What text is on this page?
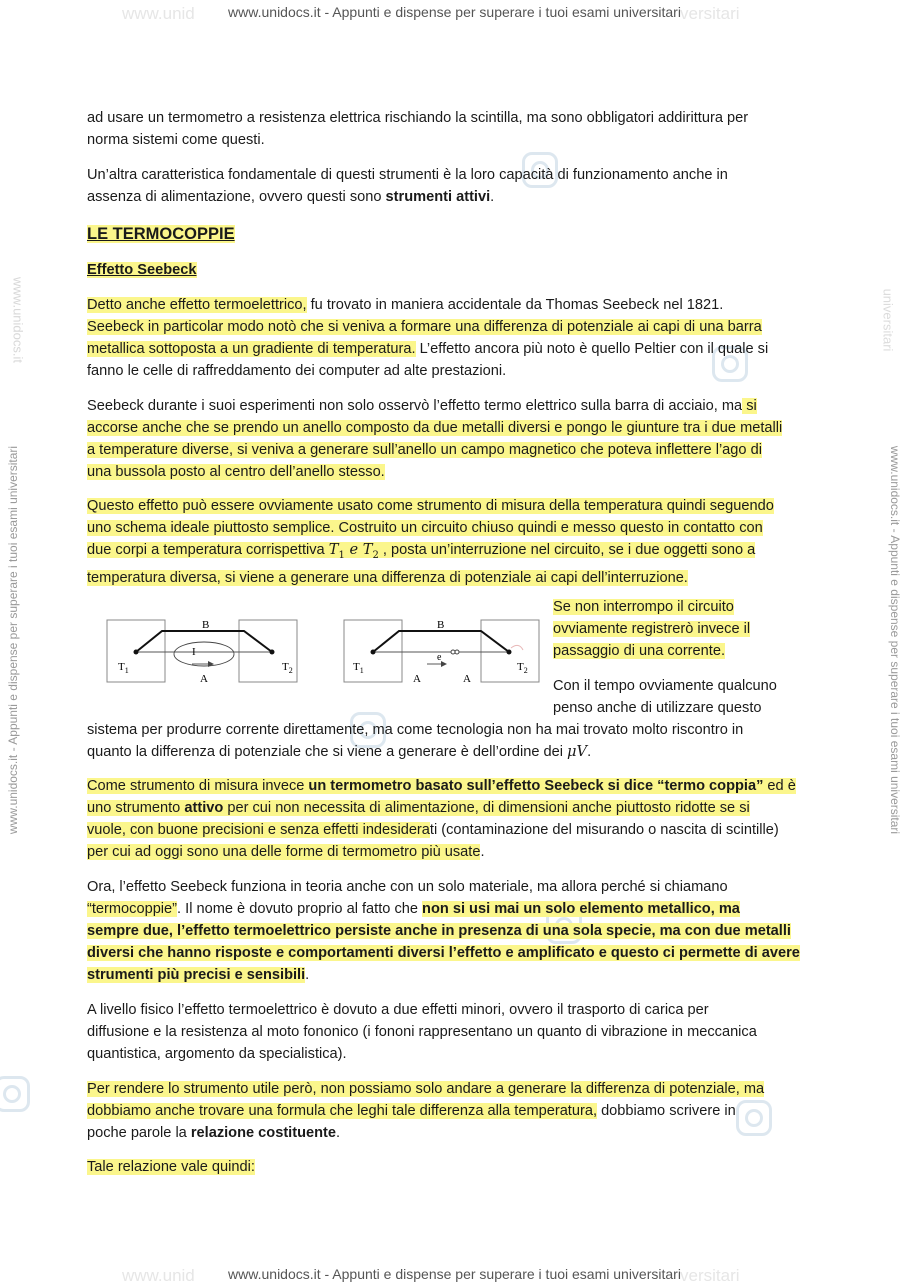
www.unid www.unidocs.it - Appunti e dispense per superare i tuoi esami universitari versitari
www.unid www.unidocs.it - Appunti e dispense per superare i tuoi esami universitari versitari
www.unidocs.it - Appunti e dispense per superare i tuoi esami universitari
www.unidocs.it
www.unidocs.it - Appunti e dispense per superare i tuoi esami universitari
universitari

ad usare un termometro a resistenza elettrica rischiando la scintilla, ma sono obbligatori addirittura per
norma sistemi come questi.

Un’altra caratteristica fondamentale di questi strumenti è la loro capacità di funzionamento anche in
assenza di alimentazione, ovvero questi sono strumenti attivi.

LE TERMOCOPPIE
Effetto Seebeck

Detto anche effetto termoelettrico, fu trovato in maniera accidentale da Thomas Seebeck nel 1821.
Seebeck in particolar modo notò che si veniva a formare una differenza di potenziale ai capi di una barra
metallica sottoposta a un gradiente di temperatura. L’effetto ancora più noto è quello Peltier con il quale si
fanno le celle di raffreddamento dei computer ad alte prestazioni.

Seebeck durante i suoi esperimenti non solo osservò l’effetto termo elettrico sulla barra di acciaio, ma si
accorse anche che se prendo un anello composto da due metalli diversi e pongo le giunture tra i due metalli
a temperature diverse, si veniva a generare sull’anello un campo magnetico che poteva inflettere l’ago di
una bussola posto al centro dell’anello stesso.

Questo effetto può essere ovviamente usato come strumento di misura della temperatura quindi seguendo
uno schema ideale piuttosto semplice. Costruito un circuito chiuso quindi e messo questo in contatto con
due corpi a temperatura corrispettiva $T_1$ e $T_2$ , posta un’interruzione nel circuito, se i due oggetti sono a
temperatura diversa, si viene a generare una differenza di potenziale ai capi dell’interruzione.

B
I
A
$T_1$	$T_2$
B
e
A	A
$T_1$	$T_2$

Se non interrompo il circuito
ovviamente registrerò invece il
passaggio di una corrente.

Con il tempo ovviamente qualcuno
penso anche di utilizzare questo

sistema per produrre corrente direttamente, ma come tecnologia non ha mai trovato molto riscontro in
quanto la differenza di potenziale che si viene a generare è dell’ordine dei μV.

Come strumento di misura invece un termometro basato sull’effetto Seebeck si dice “termo coppia” ed è
uno strumento attivo per cui non necessita di alimentazione, di dimensioni anche piuttosto ridotte se si
vuole, con buone precisioni e senza effetti indesiderati (contaminazione del misurando o nascita di scintille)
per cui ad oggi sono una delle forme di termometro più usate.

Ora, l’effetto Seebeck funziona in teoria anche con un solo materiale, ma allora perché si chiamano
“termocoppie”. Il nome è dovuto proprio al fatto che non si usi mai un solo elemento metallico, ma
sempre due, l’effetto termoelettrico persiste anche in presenza di una sola specie, ma con due metalli
diversi che hanno risposte e comportamenti diversi l’effetto e amplificato e questo ci permette di avere
strumenti più precisi e sensibili.

A livello fisico l’effetto termoelettrico è dovuto a due effetti minori, ovvero il trasporto di carica per
diffusione e la resistenza al moto fononico (i fononi rappresentano un quanto di vibrazione in meccanica
quantistica, argomento da specialistica).

Per rendere lo strumento utile però, non possiamo solo andare a generare la differenza di potenziale, ma
dobbiamo anche trovare una formula che leghi tale differenza alla temperatura, dobbiamo scrivere in
poche parole la relazione costituente.

Tale relazione vale quindi:
